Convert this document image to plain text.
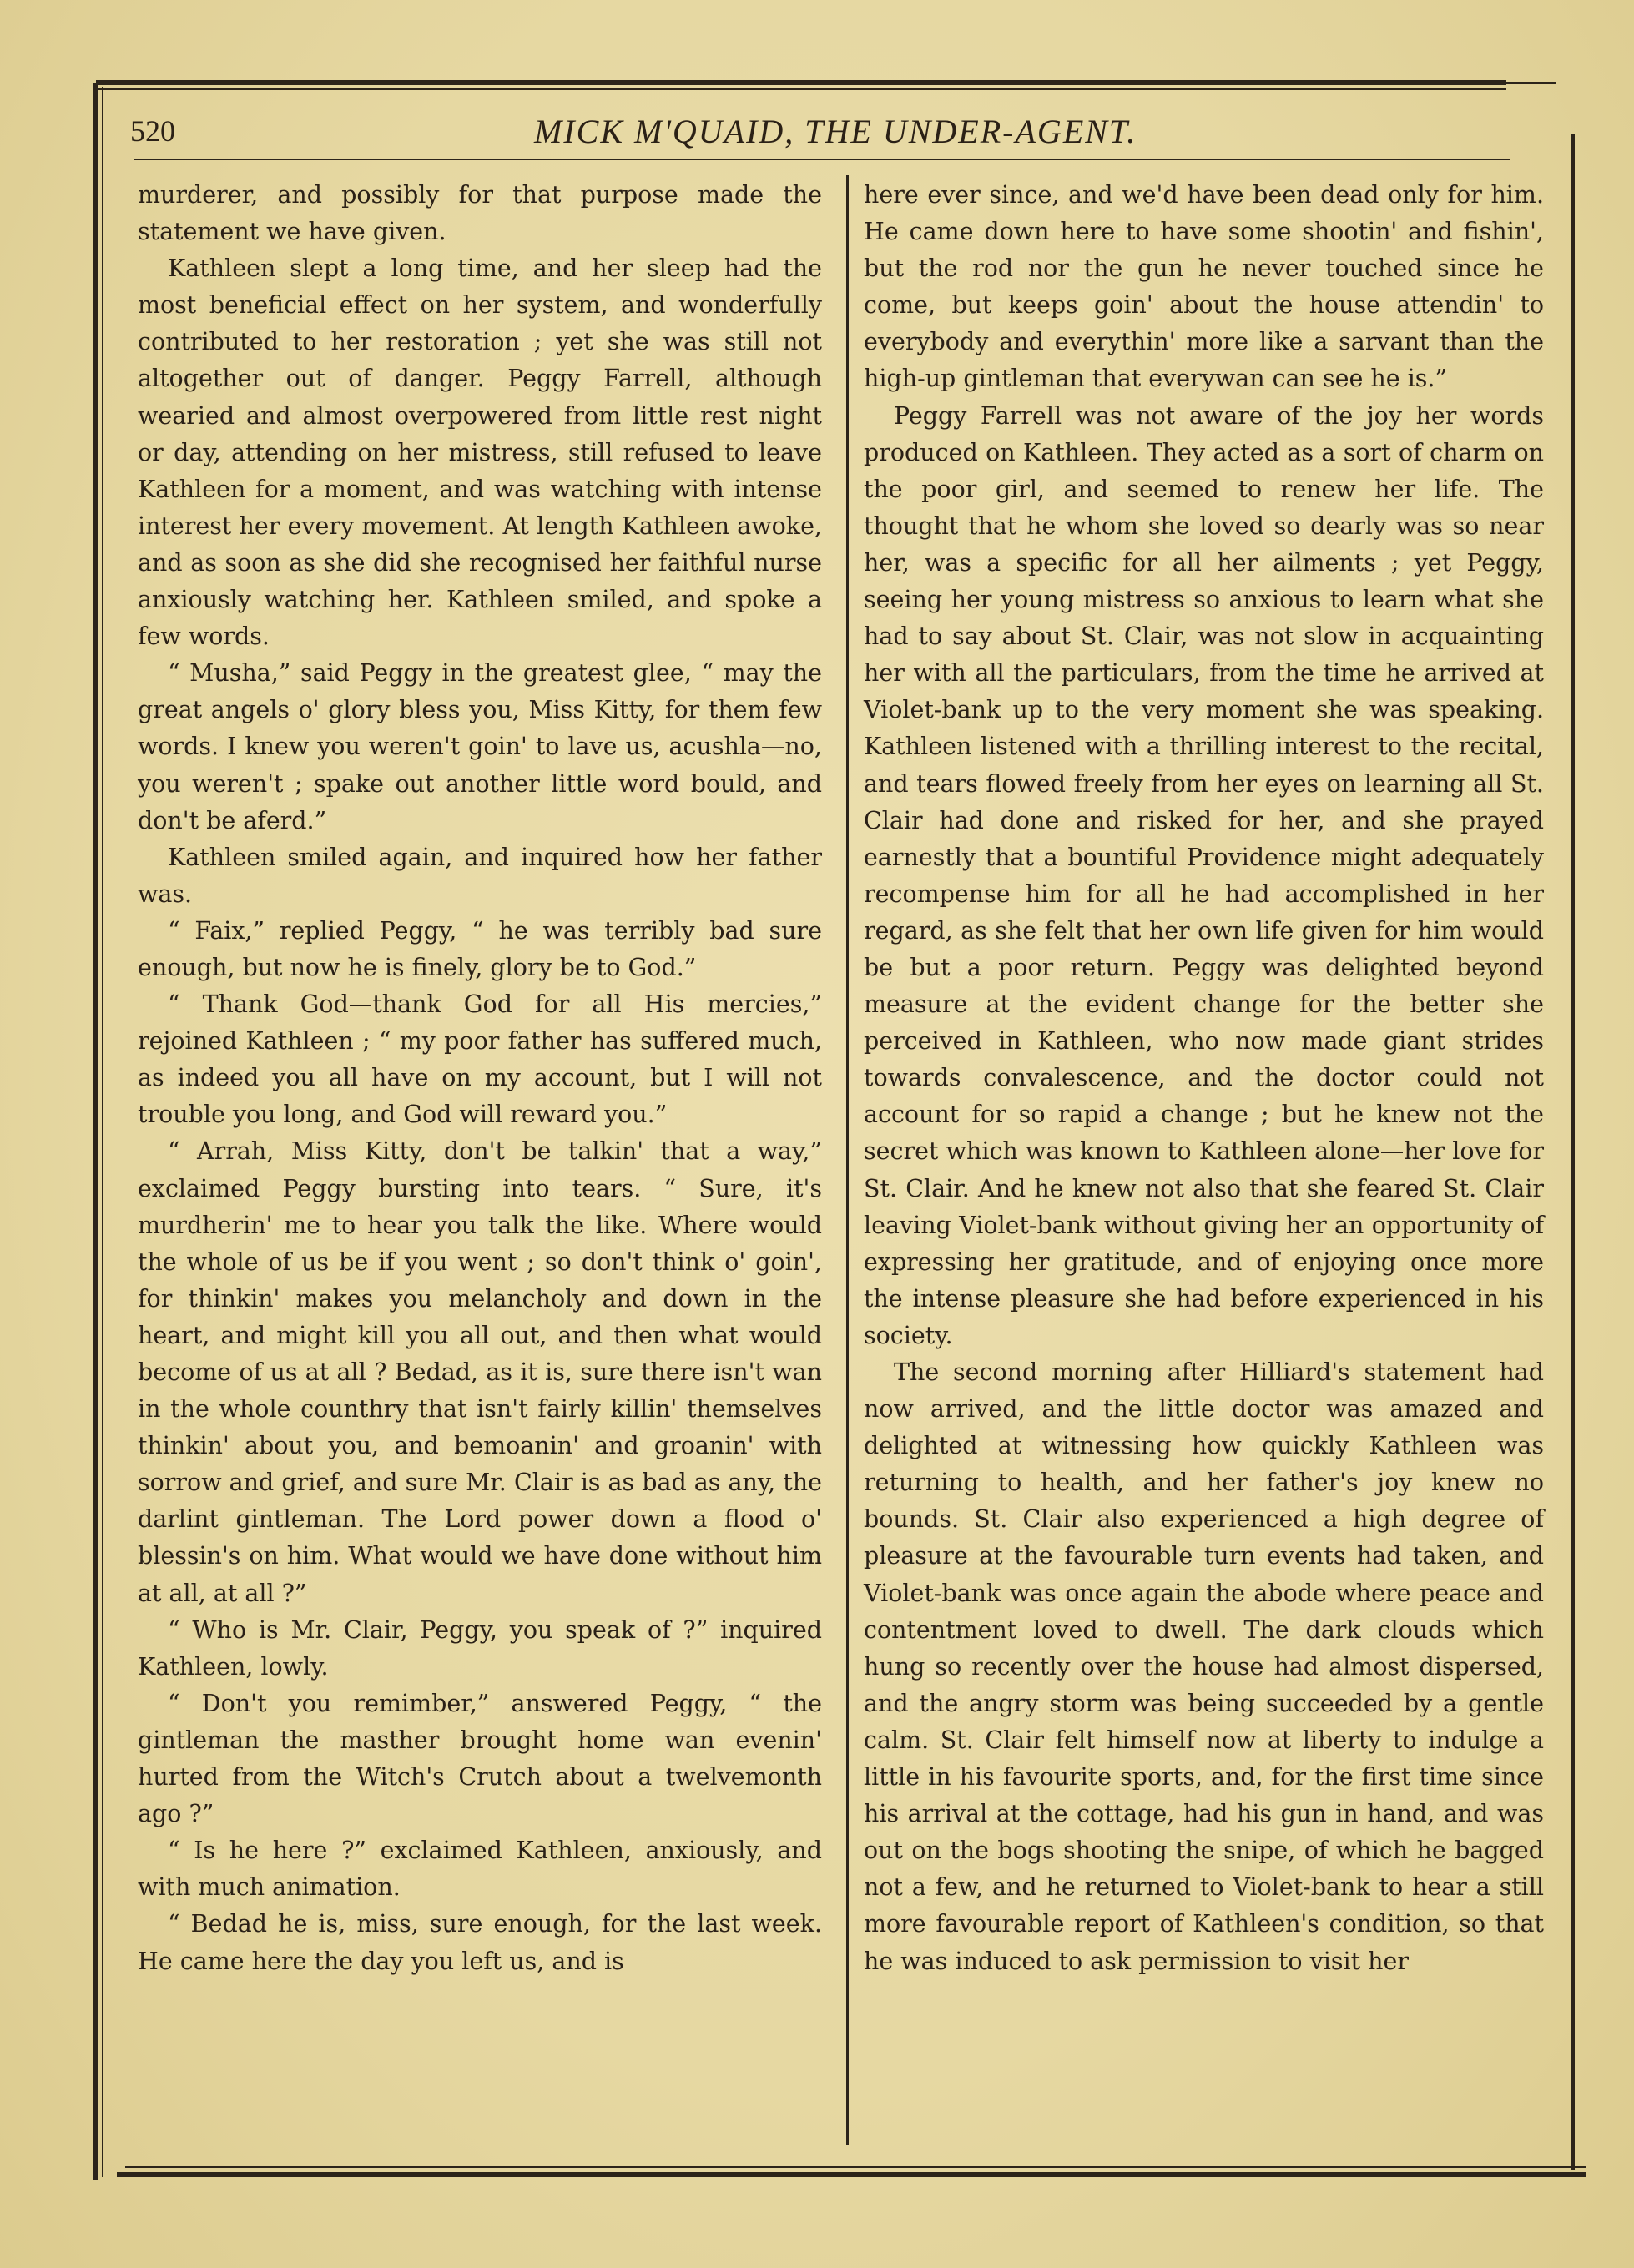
520	MICK M'QUAID, THE UNDER-AGENT.

murderer, and possibly for that purpose made the statement we have given.

Kathleen slept a long time, and her sleep had the most beneficial effect on her system, and wonderfully contributed to her restoration ; yet she was still not altogether out of danger. Peggy Farrell, although wearied and almost overpowered from little rest night or day, attending on her mistress, still refused to leave Kathleen for a moment, and was watching with intense interest her every movement. At length Kathleen awoke, and as soon as she did she recognised her faithful nurse anxiously watching her. Kathleen smiled, and spoke a few words.

“ Musha,” said Peggy in the greatest glee, “ may the great angels o' glory bless you, Miss Kitty, for them few words. I knew you weren't goin' to lave us, acushla—no, you weren't ; spake out another little word bould, and don't be aferd.”

Kathleen smiled again, and inquired how her father was.

“ Faix,” replied Peggy, “ he was terribly bad sure enough, but now he is finely, glory be to God.”

“ Thank God—thank God for all His mercies,” rejoined Kathleen ; “ my poor father has suffered much, as indeed you all have on my account, but I will not trouble you long, and God will reward you.”

“ Arrah, Miss Kitty, don't be talkin' that a way,” exclaimed Peggy bursting into tears. “ Sure, it's murdherin' me to hear you talk the like. Where would the whole of us be if you went ; so don't think o' goin', for thinkin' makes you melancholy and down in the heart, and might kill you all out, and then what would become of us at all ? Bedad, as it is, sure there isn't wan in the whole counthry that isn't fairly killin' themselves thinkin' about you, and bemoanin' and groanin' with sorrow and grief, and sure Mr. Clair is as bad as any, the darlint gintleman. The Lord power down a flood o' blessin's on him. What would we have done without him at all, at all ?”

“ Who is Mr. Clair, Peggy, you speak of ?” inquired Kathleen, lowly.

“ Don't you remimber,” answered Peggy, “ the gintleman the masther brought home wan evenin' hurted from the Witch's Crutch about a twelvemonth ago ?”

“ Is he here ?” exclaimed Kathleen, anxiously, and with much animation.

“ Bedad he is, miss, sure enough, for the last week. He came here the day you left us, and is

here ever since, and we'd have been dead only for him. He came down here to have some shootin' and fishin', but the rod nor the gun he never touched since he come, but keeps goin' about the house attendin' to everybody and everythin' more like a sarvant than the high-up gintleman that everywan can see he is.”

Peggy Farrell was not aware of the joy her words produced on Kathleen. They acted as a sort of charm on the poor girl, and seemed to renew her life. The thought that he whom she loved so dearly was so near her, was a specific for all her ailments ; yet Peggy, seeing her young mistress so anxious to learn what she had to say about St. Clair, was not slow in acquainting her with all the particulars, from the time he arrived at Violet-bank up to the very moment she was speaking. Kathleen listened with a thrilling interest to the recital, and tears flowed freely from her eyes on learning all St. Clair had done and risked for her, and she prayed earnestly that a bountiful Providence might adequately recompense him for all he had accomplished in her regard, as she felt that her own life given for him would be but a poor return. Peggy was delighted beyond measure at the evident change for the better she perceived in Kathleen, who now made giant strides towards convalescence, and the doctor could not account for so rapid a change ; but he knew not the secret which was known to Kathleen alone—her love for St. Clair. And he knew not also that she feared St. Clair leaving Violet-bank without giving her an opportunity of expressing her gratitude, and of enjoying once more the intense pleasure she had before experienced in his society.

The second morning after Hilliard's statement had now arrived, and the little doctor was amazed and delighted at witnessing how quickly Kathleen was returning to health, and her father's joy knew no bounds. St. Clair also experienced a high degree of pleasure at the favourable turn events had taken, and Violet-bank was once again the abode where peace and contentment loved to dwell. The dark clouds which hung so recently over the house had almost dispersed, and the angry storm was being succeeded by a gentle calm. St. Clair felt himself now at liberty to indulge a little in his favourite sports, and, for the first time since his arrival at the cottage, had his gun in hand, and was out on the bogs shooting the snipe, of which he bagged not a few, and he returned to Violet-bank to hear a still more favourable report of Kathleen's condition, so that he was induced to ask permission to visit her
